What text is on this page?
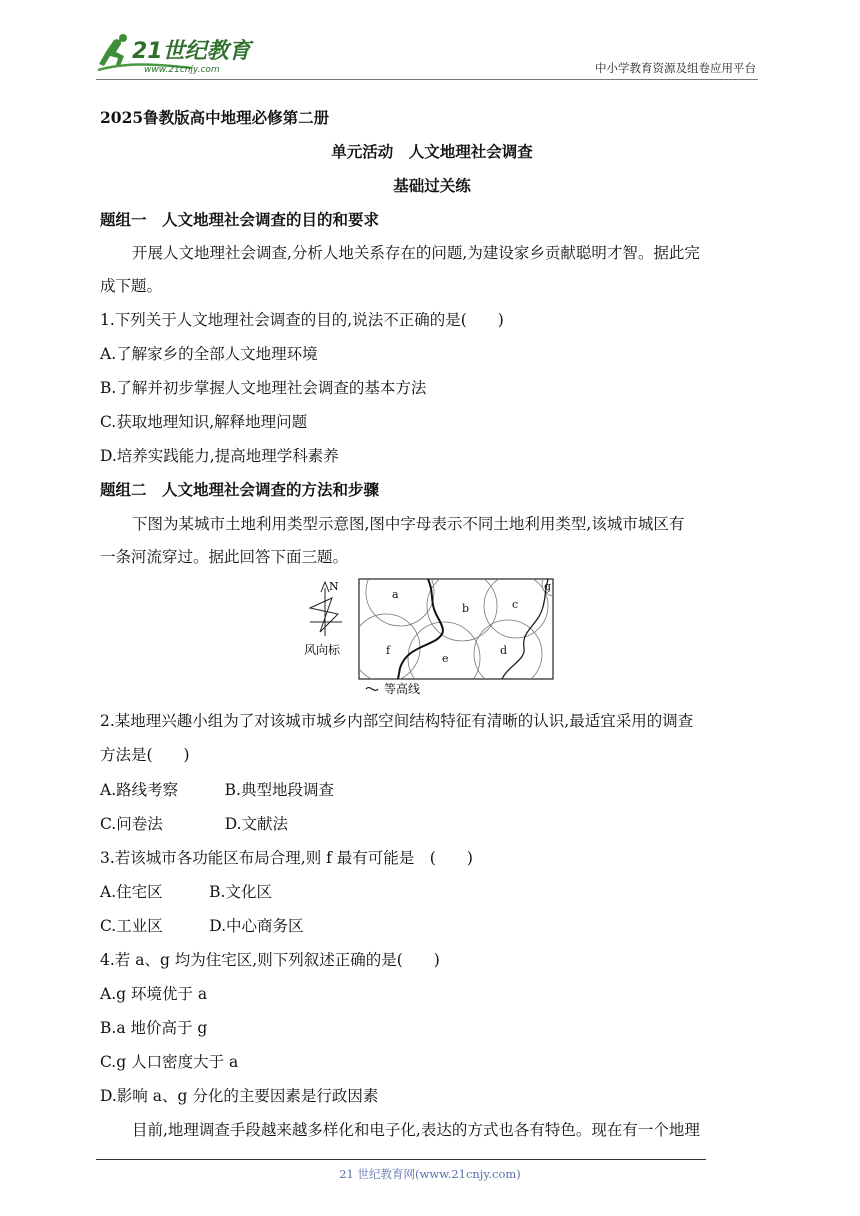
21世纪教育
www.21cnjy.com	中小学教育资源及组卷应用平台
2025鲁教版高中地理必修第二册
单元活动　人文地理社会调查
基础过关练
题组一　人文地理社会调查的目的和要求
开展人文地理社会调查,分析人地关系存在的问题,为建设家乡贡献聪明才智。据此完
成下题。
1.下列关于人文地理社会调查的目的,说法不正确的是(　　)
A.了解家乡的全部人文地理环境
B.了解并初步掌握人文地理社会调查的基本方法
C.获取地理知识,解释地理问题
D.培养实践能力,提高地理学科素养
题组二　人文地理社会调查的方法和步骤
下图为某城市土地利用类型示意图,图中字母表示不同土地利用类型,该城市城区有
一条河流穿过。据此回答下面三题。
N
风向标
a
b	c
d
e
f
g
等高线
2.某地理兴趣小组为了对该城市城乡内部空间结构特征有清晰的认识,最适宜采用的调查
方法是(　　)
A.路线考察　　　B.典型地段调查
C.问卷法　　　　D.文献法
3.若该城市各功能区布局合理,则 f 最有可能是　(　　)
A.住宅区　　　B.文化区
C.工业区　　　D.中心商务区
4.若 a、g 均为住宅区,则下列叙述正确的是(　　)
A.g 环境优于 a
B.a 地价高于 g
C.g 人口密度大于 a
D.影响 a、g 分化的主要因素是行政因素
目前,地理调查手段越来越多样化和电子化,表达的方式也各有特色。现在有一个地理
21 世纪教育网(www.21cnjy.com)
